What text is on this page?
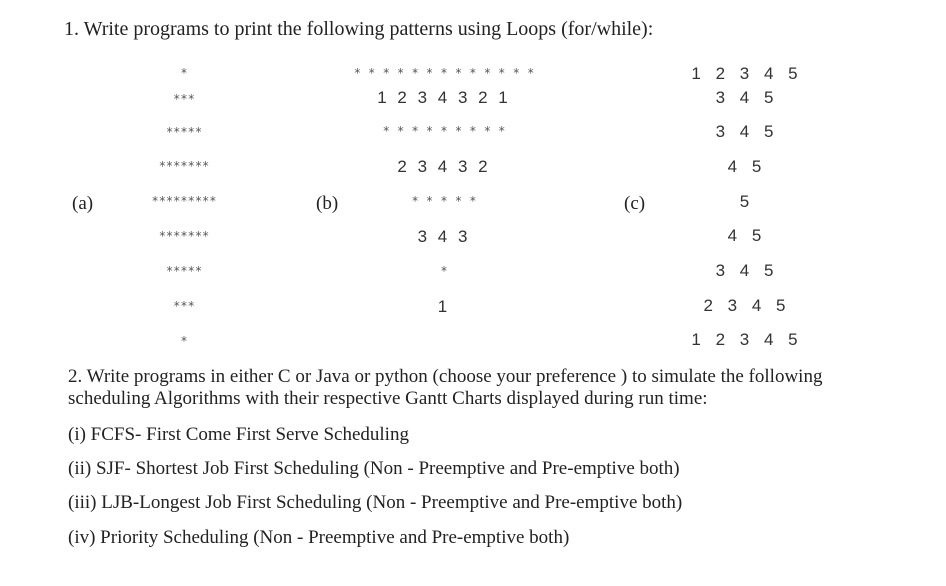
1. Write programs to print the following patterns using Loops (for/while):
(a)	(b)	(c)
*
***
*****
*******
*********
*******
*****
***
*
* * * * * * * * * * * * *
1 2 3 4 3 2 1
* * * * * * * * *
2 3 4 3 2
* * * * *
3 4 3
*
1
1 2 3 4 5
3 4 5
3 4 5
4 5
5
4 5
3 4 5
2 3 4 5
1 2 3 4 5
2. Write programs in either C or Java or python (choose your preference ) to simulate the following scheduling Algorithms with their respective Gantt Charts displayed during run time:
(i) FCFS- First Come First Serve Scheduling
(ii) SJF- Shortest Job First Scheduling (Non - Preemptive and Pre-emptive both)
(iii) LJB-Longest Job First Scheduling (Non - Preemptive and Pre-emptive both)
(iv) Priority Scheduling (Non - Preemptive and Pre-emptive both)
